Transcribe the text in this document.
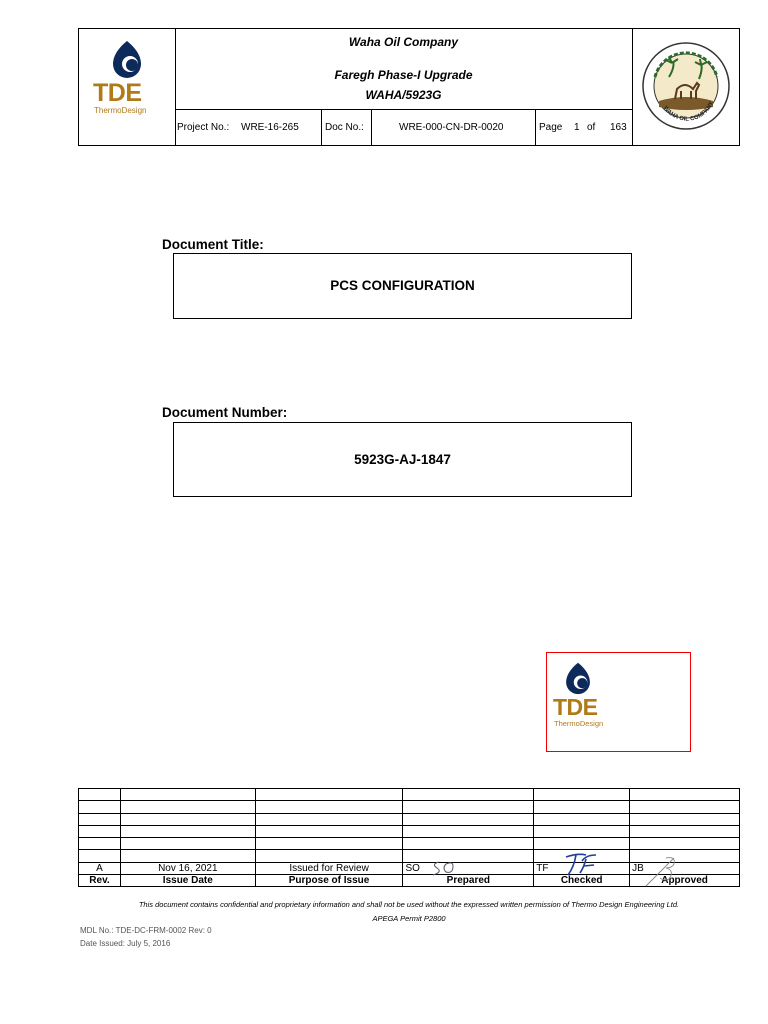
TDE
ThermoDesign
Waha Oil Company
Faregh Phase-I Upgrade
WAHA/5923G
Project No.: WRE-16-265	Doc No.:	WRE-000-CN-DR-0020	Page 1 of 163
WAHA OIL COMPANY
Document Title:
PCS CONFIGURATION
Document Number:
5923G-AJ-1847
TDE
ThermoDesign

A	Nov 16, 2021	Issued for Review	SO	TF	JB

Rev.	Issue Date	Purpose of Issue	Prepared	Checked	Approved
This document contains confidential and proprietary information and shall not be used without the expressed written permission of Thermo Design Engineering Ltd.
APEGA Permit P2800
MDL No.: TDE-DC-FRM-0002 Rev: 0
Date Issued: July 5, 2016
